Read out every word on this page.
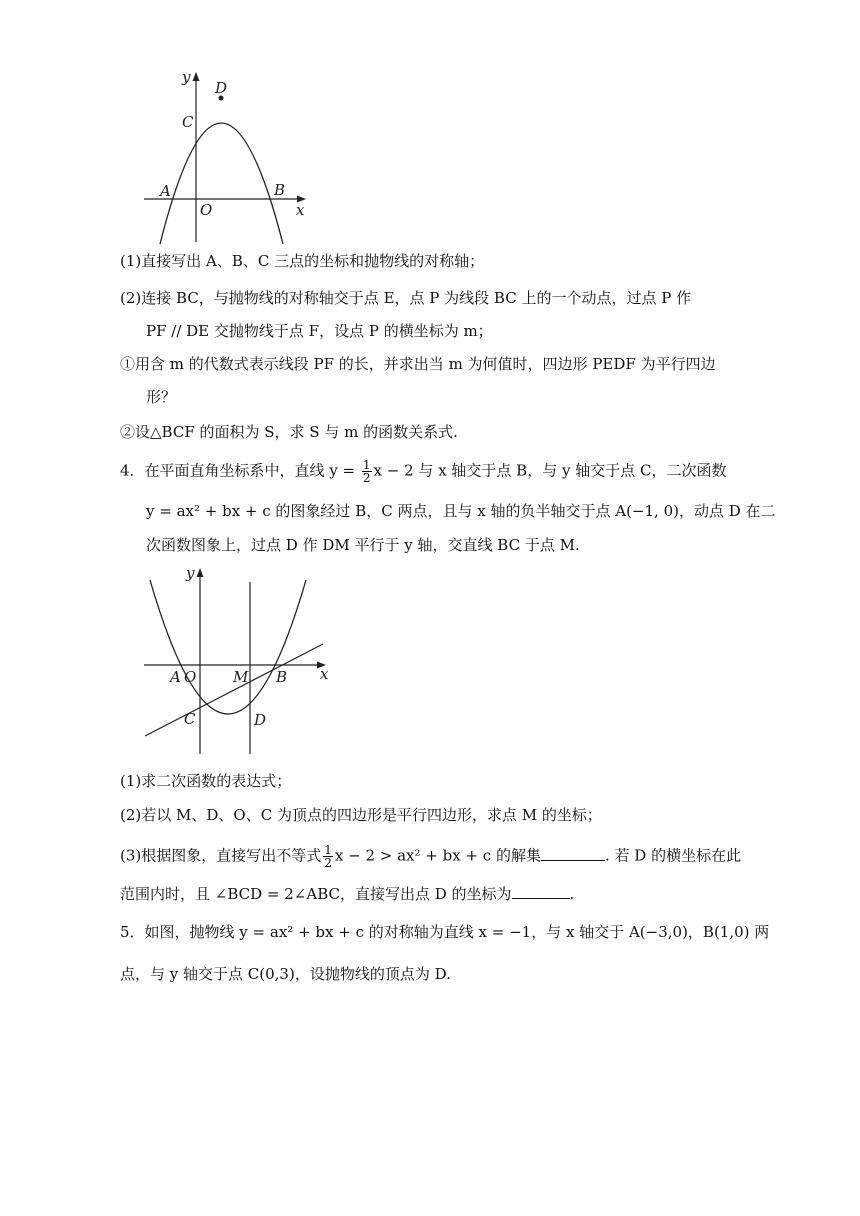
y
x
D
C
A	B
O
(1)直接写出 A、B、C 三点的坐标和抛物线的对称轴；
(2)连接 BC，与抛物线的对称轴交于点 E，点 P 为线段 BC 上的一个动点，过点 P 作
PF // DE 交抛物线于点 F，设点 P 的横坐标为 m；
①用含 m 的代数式表示线段 PF 的长，并求出当 m 为何值时，四边形 PEDF 为平行四边
形？
②设△BCF 的面积为 S，求 S 与 m 的函数关系式.
4．在平面直角坐标系中，直线 $y = \frac{1}{2}$ x − 2 与 x 轴交于点 B，与 y 轴交于点 C，二次函数
y = ax² + bx + c 的图象经过 B，C 两点，且与 x 轴的负半轴交于点 A(−1, 0)，动点 D 在二
次函数图象上，过点 D 作 DM 平行于 y 轴，交直线 BC 于点 M.
y
x
A O M B
C	D
(1)求二次函数的表达式；
(2)若以 M、D、O、C 为顶点的四边形是平行四边形，求点 M 的坐标；
(3)根据图象，直接写出不等式 $\frac{1}{2}$ x − 2 > ax² + bx + c 的解集	. 若 D 的横坐标在此
范围内时，且 ∠BCD = 2∠ABC，直接写出点 D 的坐标为	.
5．如图，抛物线 y = ax² + bx + c 的对称轴为直线 x = −1，与 x 轴交于 A(−3,0)，B(1,0) 两
点，与 y 轴交于点 C(0,3)，设抛物线的顶点为 D.
